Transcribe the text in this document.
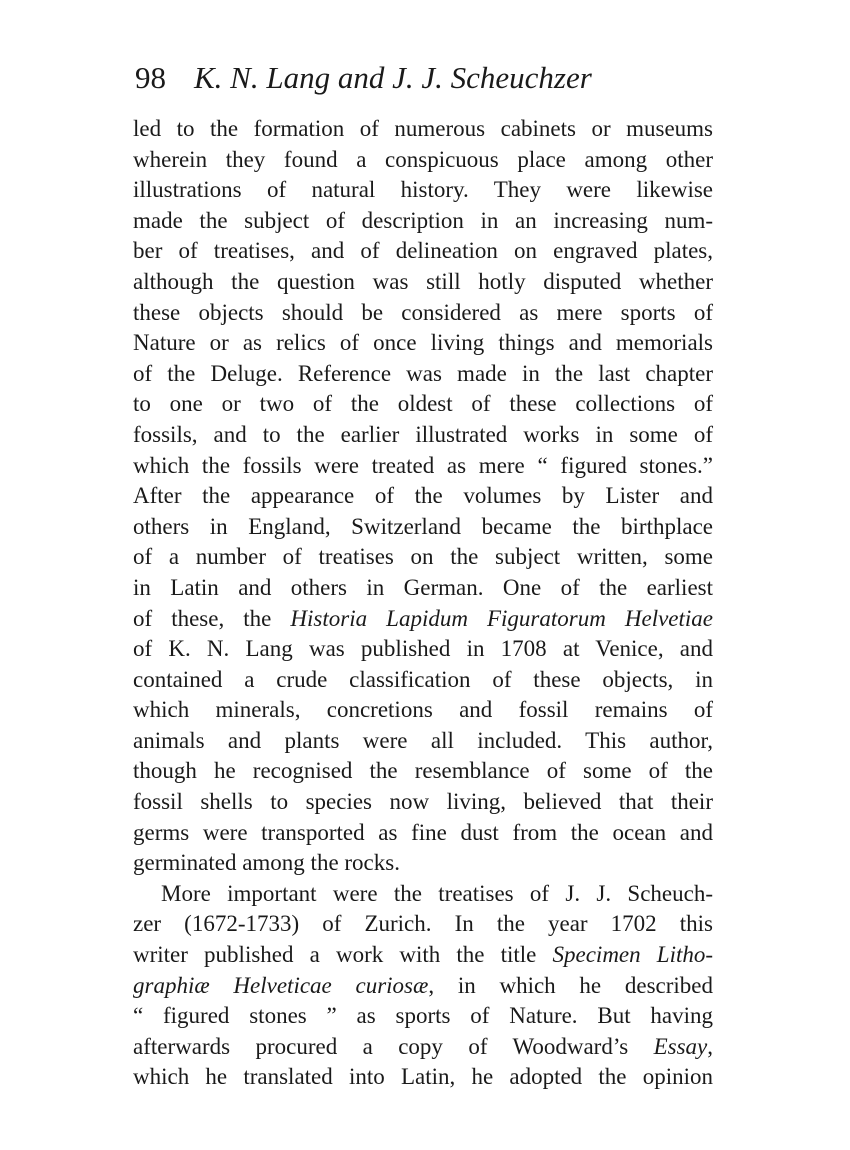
98 K. N. Lang and J. J. Scheuchzer
led to the formation of numerous cabinets or museums
wherein they found a conspicuous place among other
illustrations of natural history. They were likewise
made the subject of description in an increasing num-
ber of treatises, and of delineation on engraved plates,
although the question was still hotly disputed whether
these objects should be considered as mere sports of
Nature or as relics of once living things and memorials
of the Deluge. Reference was made in the last chapter
to one or two of the oldest of these collections of
fossils, and to the earlier illustrated works in some of
which the fossils were treated as mere “ figured stones.”
After the appearance of the volumes by Lister and
others in England, Switzerland became the birthplace
of a number of treatises on the subject written, some
in Latin and others in German. One of the earliest
of these, the Historia Lapidum Figuratorum Helvetiae
of K. N. Lang was published in 1708 at Venice, and
contained a crude classification of these objects, in
which minerals, concretions and fossil remains of
animals and plants were all included. This author,
though he recognised the resemblance of some of the
fossil shells to species now living, believed that their
germs were transported as fine dust from the ocean and
germinated among the rocks.
More important were the treatises of J. J. Scheuch-
zer (1672-1733) of Zurich. In the year 1702 this
writer published a work with the title Specimen Litho-
graphiæ Helveticae curiosæ, in which he described
“ figured stones ” as sports of Nature. But having
afterwards procured a copy of Woodward’s Essay,
which he translated into Latin, he adopted the opinion
